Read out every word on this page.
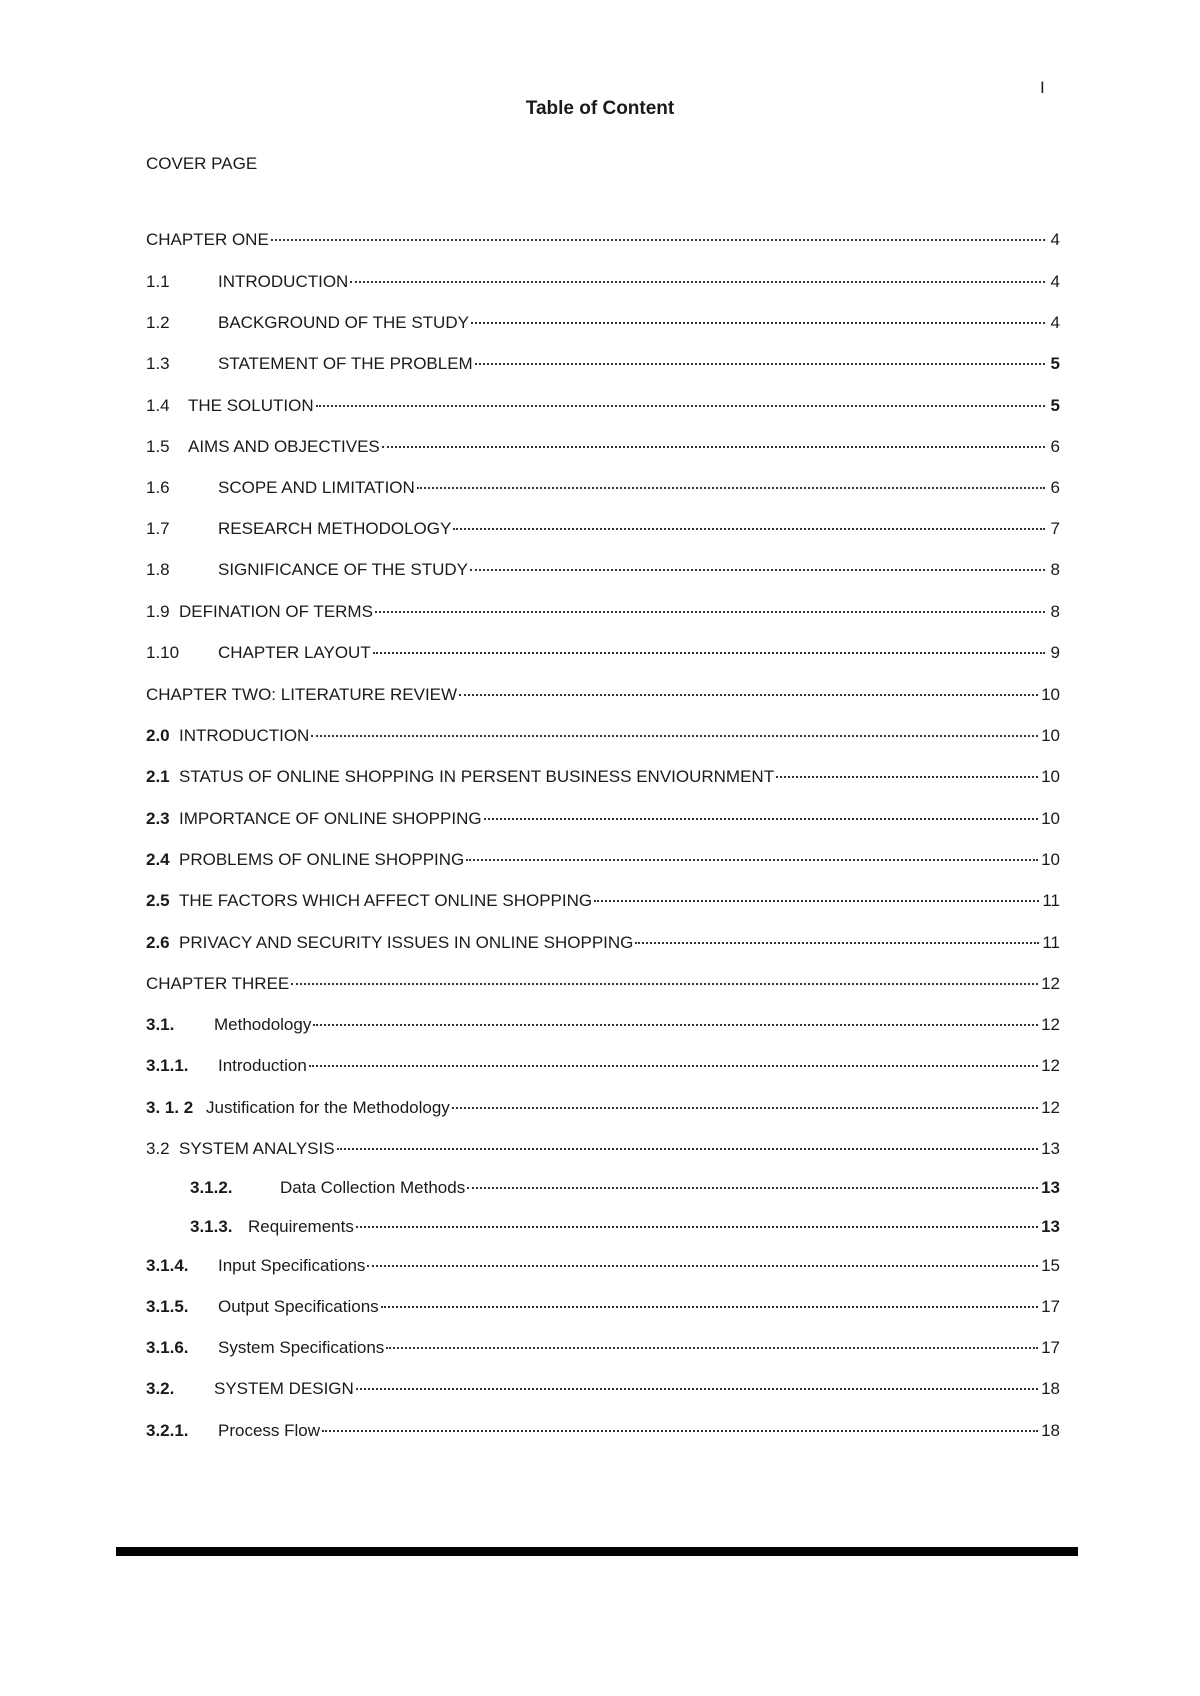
I
Table of Content
COVER PAGE
CHAPTER ONE	4
1.1	INTRODUCTION	4
1.2	BACKGROUND OF THE STUDY	4
1.3	STATEMENT OF THE PROBLEM	5
1.4	THE SOLUTION	5
1.5	AIMS AND OBJECTIVES	6
1.6	SCOPE AND LIMITATION	6
1.7	RESEARCH METHODOLOGY	7
1.8	SIGNIFICANCE OF THE STUDY	8
1.9 DEFINATION OF TERMS	8
1.10	CHAPTER LAYOUT	9
CHAPTER TWO: LITERATURE REVIEW	10
2.0 INTRODUCTION	10
2.1 STATUS OF ONLINE SHOPPING IN PERSENT BUSINESS ENVIOURNMENT	10
2.3 IMPORTANCE OF ONLINE SHOPPING	10
2.4 PROBLEMS OF ONLINE SHOPPING	10
2.5 THE FACTORS WHICH AFFECT ONLINE SHOPPING	11
2.6 PRIVACY AND SECURITY ISSUES IN ONLINE SHOPPING	11
CHAPTER THREE	12
3.1.	Methodology	12
3.1.1.	Introduction	12
3. 1. 2 Justification for the Methodology	12
3.2 SYSTEM ANALYSIS	13
3.1.2.	Data Collection Methods	13
3.1.3. Requirements	13
3.1.4.	Input Specifications	15
3.1.5.	Output Specifications	17
3.1.6.	System Specifications	17
3.2.	SYSTEM DESIGN	18
3.2.1.	Process Flow	18
